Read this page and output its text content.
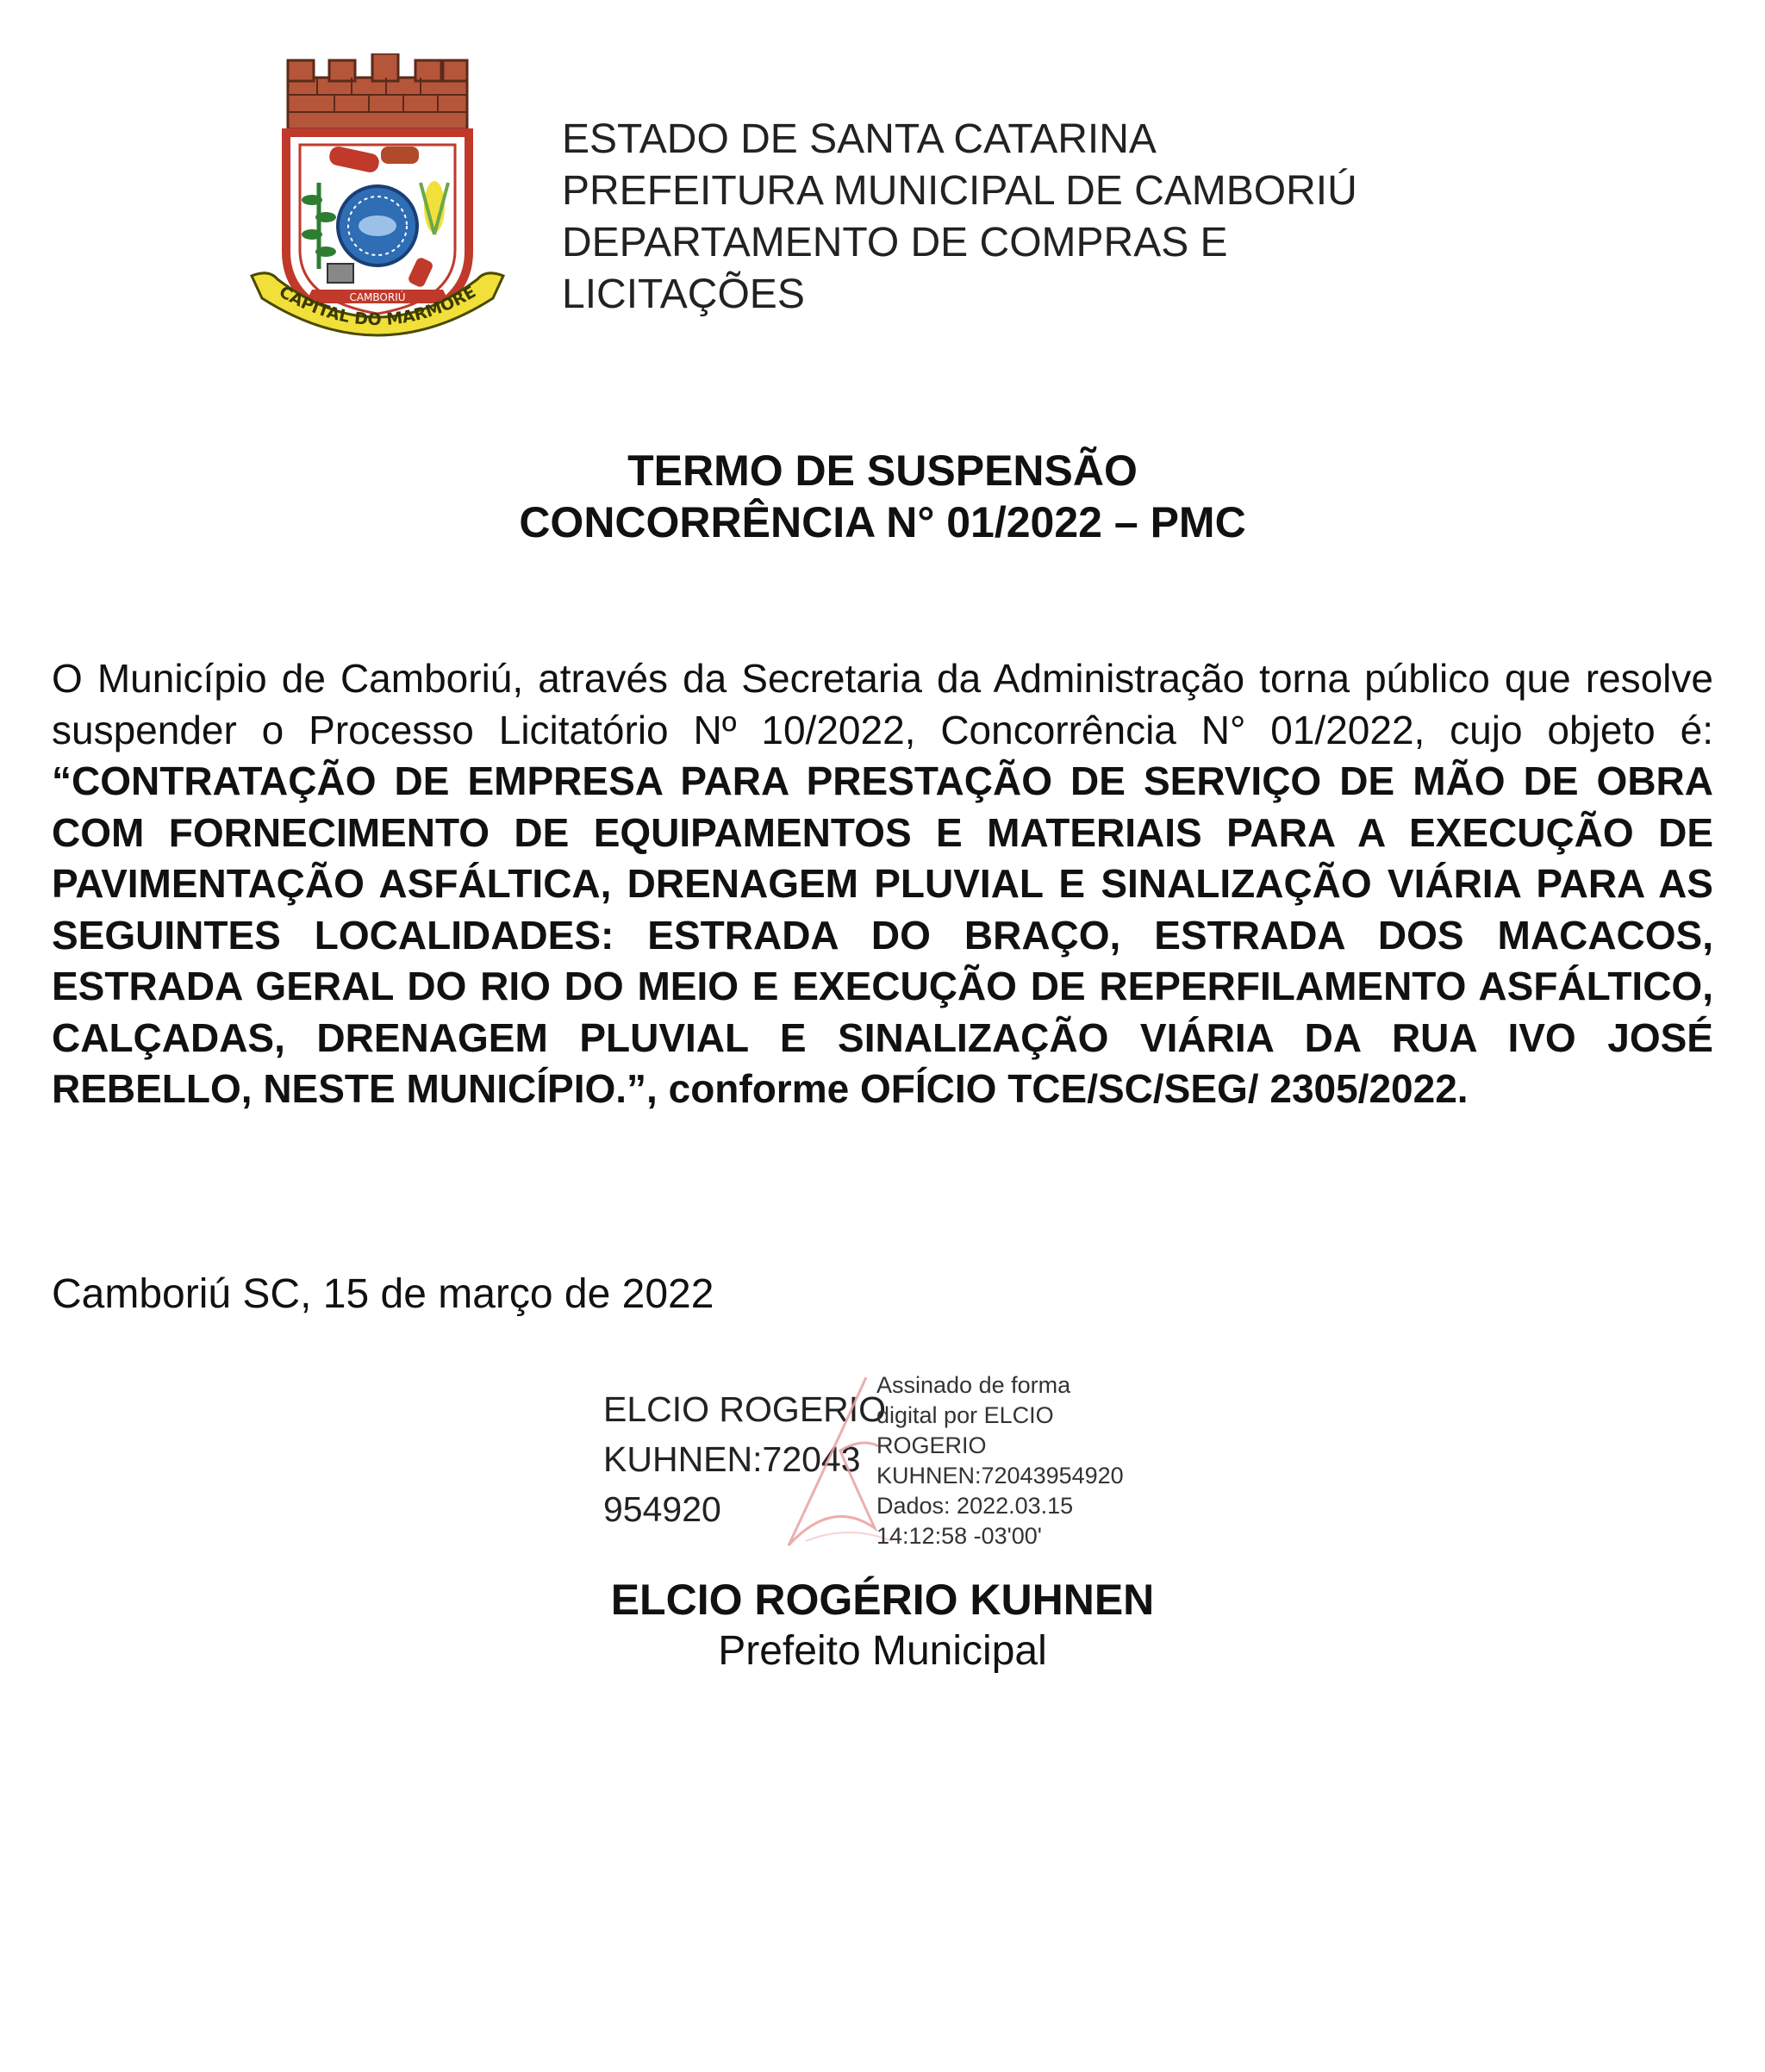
CAMBORIÚ
CAPITAL DO MARMORE
ESTADO DE SANTA CATARINA
PREFEITURA MUNICIPAL DE CAMBORIÚ
DEPARTAMENTO DE COMPRAS E
LICITAÇÕES
TERMO DE SUSPENSÃO
CONCORRÊNCIA N° 01/2022 – PMC
O Município de Camboriú, através da Secretaria da Administração torna público que resolve suspender o Processo Licitatório Nº 10/2022, Concorrência N° 01/2022, cujo objeto é: “CONTRATAÇÃO DE EMPRESA PARA PRESTAÇÃO DE SERVIÇO DE MÃO DE OBRA COM FORNECIMENTO DE EQUIPAMENTOS E MATERIAIS PARA A EXECUÇÃO DE PAVIMENTAÇÃO ASFÁLTICA, DRENAGEM PLUVIAL E SINALIZAÇÃO VIÁRIA PARA AS SEGUINTES LOCALIDADES: ESTRADA DO BRAÇO, ESTRADA DOS MACACOS, ESTRADA GERAL DO RIO DO MEIO E EXECUÇÃO DE REPERFILAMENTO ASFÁLTICO, CALÇADAS, DRENAGEM PLUVIAL E SINALIZAÇÃO VIÁRIA DA RUA IVO JOSÉ REBELLO, NESTE MUNICÍPIO.”, conforme OFÍCIO TCE/SC/SEG/ 2305/2022.
Camboriú SC, 15 de março de 2022
ELCIO ROGERIO
KUHNEN:72043
954920
Assinado de forma
digital por ELCIO
ROGERIO
KUHNEN:72043954920
Dados: 2022.03.15
14:12:58 -03'00'
ELCIO ROGÉRIO KUHNEN
Prefeito Municipal
